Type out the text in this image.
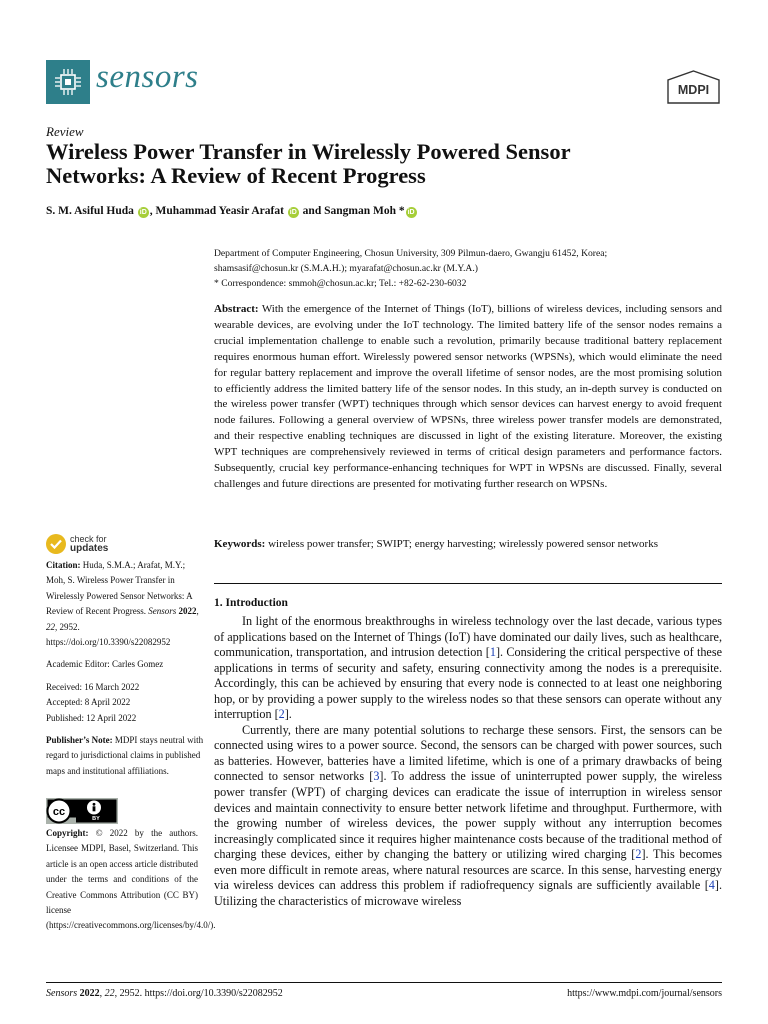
sensors	MDPI
Review
Wireless Power Transfer in Wirelessly Powered Sensor Networks: A Review of Recent Progress
S. M. Asiful Huda iD , Muhammad Yeasir Arafat iD and Sangman Moh * iD
Department of Computer Engineering, Chosun University, 309 Pilmun-daero, Gwangju 61452, Korea;
shamsasif@chosun.kr (S.M.A.H.); myarafat@chosun.ac.kr (M.Y.A.)
* Correspondence: smmoh@chosun.ac.kr; Tel.: +82-62-230-6032
Abstract: With the emergence of the Internet of Things (IoT), billions of wireless devices, including sensors and wearable devices, are evolving under the IoT technology. The limited battery life of the sensor nodes remains a crucial implementation challenge to enable such a revolution, primarily because traditional battery replacement requires enormous human effort. Wirelessly powered sensor networks (WPSNs), which would eliminate the need for regular battery replacement and improve the overall lifetime of sensor nodes, are the most promising solution to efficiently address the limited battery life of the sensor nodes. In this study, an in-depth survey is conducted on the wireless power transfer (WPT) techniques through which sensor devices can harvest energy to avoid frequent node failures. Following a general overview of WPSNs, three wireless power transfer models are demonstrated, and their respective enabling techniques are discussed in light of the existing literature. Moreover, the existing WPT techniques are comprehensively reviewed in terms of critical design parameters and performance factors. Subsequently, crucial key performance-enhancing techniques for WPT in WPSNs are discussed. Finally, several challenges and future directions are presented for motivating further research on WPSNs.
Keywords: wireless power transfer; SWIPT; energy harvesting; wirelessly powered sensor networks
1. Introduction

In light of the enormous breakthroughs in wireless technology over the last decade, various types of applications based on the Internet of Things (IoT) have dominated our daily lives, such as healthcare, communication, transportation, and intrusion detection [1]. Considering the critical perspective of these applications in terms of security and safety, ensuring connectivity among the nodes is a prerequisite. Accordingly, this can be achieved by ensuring that every node is connected to at least one neighboring hop, or by providing a power supply to the wireless nodes so that these sensors can operate without any interruption [2].

Currently, there are many potential solutions to recharge these sensors. First, the sensors can be connected using wires to a power source. Second, the sensors can be charged with power sources, such as batteries. However, batteries have a limited lifetime, which is one of a primary drawbacks of being connected to sensor networks [3]. To address the issue of uninterrupted power supply, the wireless power transfer (WPT) of charging devices can eradicate the issue of interruption in wireless sensor devices and maintain connectivity to ensure better network lifetime and throughput. Furthermore, with the growing number of wireless devices, the power supply without any interruption becomes increasingly complicated since it requires higher maintenance costs because of the traditional method of charging these devices, either by changing the battery or utilizing wired charging [2]. This becomes even more difficult in remote areas, where natural resources are scarce. In this sense, harvesting energy via wireless devices can address this problem if radiofrequency signals are sufficiently available [4]. Utilizing the characteristics of microwave wireless

check for
updates

Citation: Huda, S.M.A.; Arafat, M.Y.; Moh, S. Wireless Power Transfer in Wirelessly Powered Sensor Networks: A Review of Recent Progress. Sensors 2022, 22, 2952. https://doi.org/10.3390/s22082952

Academic Editor: Carles Gomez

Received: 16 March 2022
Accepted: 8 April 2022
Published: 12 April 2022

Publisher’s Note: MDPI stays neutral with regard to jurisdictional claims in published maps and institutional affiliations.

cc
BY
Copyright: © 2022 by the authors. Licensee MDPI, Basel, Switzerland. This article is an open access article distributed under the terms and conditions of the Creative Commons Attribution (CC BY) license (https://creativecommons.org/licenses/by/4.0/).
Sensors 2022, 22, 2952. https://doi.org/10.3390/s22082952	https://www.mdpi.com/journal/sensors
